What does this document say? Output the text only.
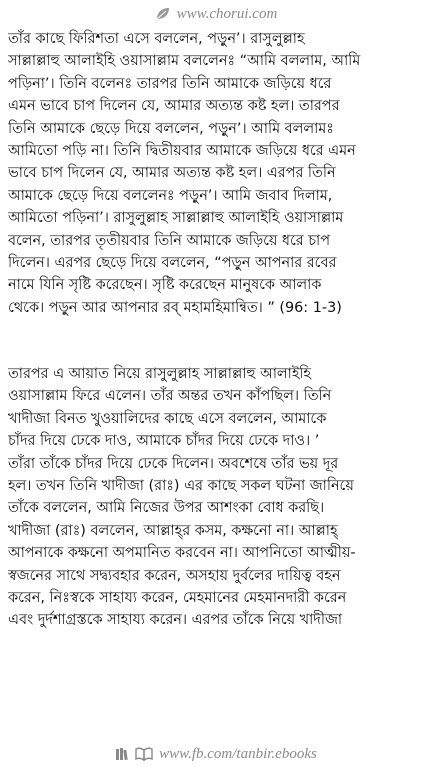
www.chorui.com
তাঁর কাছে ফিরিশতা এসে বললেন, পড়ুন’। রাসুলুল্লাহ
সাল্লাল্লাহু আলাইহি ওয়াসাল্লাম বললেনঃ “আমি বললাম, আমি
পড়িনা’। তিনি বলেনঃ তারপর তিনি আমাকে জড়িয়ে ধরে
এমন ভাবে চাপ দিলেন যে, আমার অত্যন্ত কষ্ট হল। তারপর
তিনি আমাকে ছেড়ে দিয়ে বললেন, পড়ুন’। আমি বললামঃ
আমিতো পড়ি না। তিনি দ্বিতীয়বার আমাকে জড়িয়ে ধরে এমন
ভাবে চাপ দিলেন যে, আমার অত্যন্ত কষ্ট হল। এরপর তিনি
আমাকে ছেড়ে দিয়ে বললেনঃ পড়ুন’। আমি জবাব দিলাম,
আমিতো পড়িনা’। রাসুলুল্লাহ সাল্লাল্লাহু আলাইহি ওয়াসাল্লাম
বলেন, তারপর তৃতীয়বার তিনি আমাকে জড়িয়ে ধরে চাপ
দিলেন। এরপর ছেড়ে দিয়ে বললেন, “পড়ুন আপনার রবের
নামে যিনি সৃষ্টি করেছেন। সৃষ্টি করেছেন মানুষকে আলাক
থেকে। পড়ুন আর আপনার রব্ মহামহিমান্বিত। ” (96: 1-3)
তারপর এ আয়াত নিয়ে রাসুলুল্লাহ সাল্লাল্লাহু আলাইহি
ওয়াসাল্লাম ফিরে এলেন। তাঁর অন্তর তখন কাঁপছিল। তিনি
খাদীজা বিনত খুওয়ালিদের কাছে এসে বললেন, আমাকে
চাঁদর দিয়ে ঢেকে দাও, আমাকে চাঁদর দিয়ে ঢেকে দাও। ’
তাঁরা তাঁকে চাঁদর দিয়ে ঢেকে দিলেন। অবশেষে তাঁর ভয় দূর
হল। তখন তিনি খাদীজা (রাঃ) এর কাছে সকল ঘটনা জানিয়ে
তাঁকে বললেন, আমি নিজের উপর আশংকা বোধ করছি।
খাদীজা (রাঃ) বললেন, আল্লাহ্‌র কসম, কক্ষনো না। আল্লাহ্
আপনাকে কক্ষনো অপমানিত করবেন না। আপনিতো আত্মীয়-
স্বজনের সাথে সদ্ব্যবহার করেন, অসহায় দুর্বলের দায়িত্ব বহন
করেন, নিঃস্বকে সাহায্য করেন, মেহমানের মেহমানদারী করেন
এবং দুর্দশাগ্রস্তকে সাহায্য করেন। এরপর তাঁকে নিয়ে খাদীজা
www.fb.com/tanbir.ebooks
